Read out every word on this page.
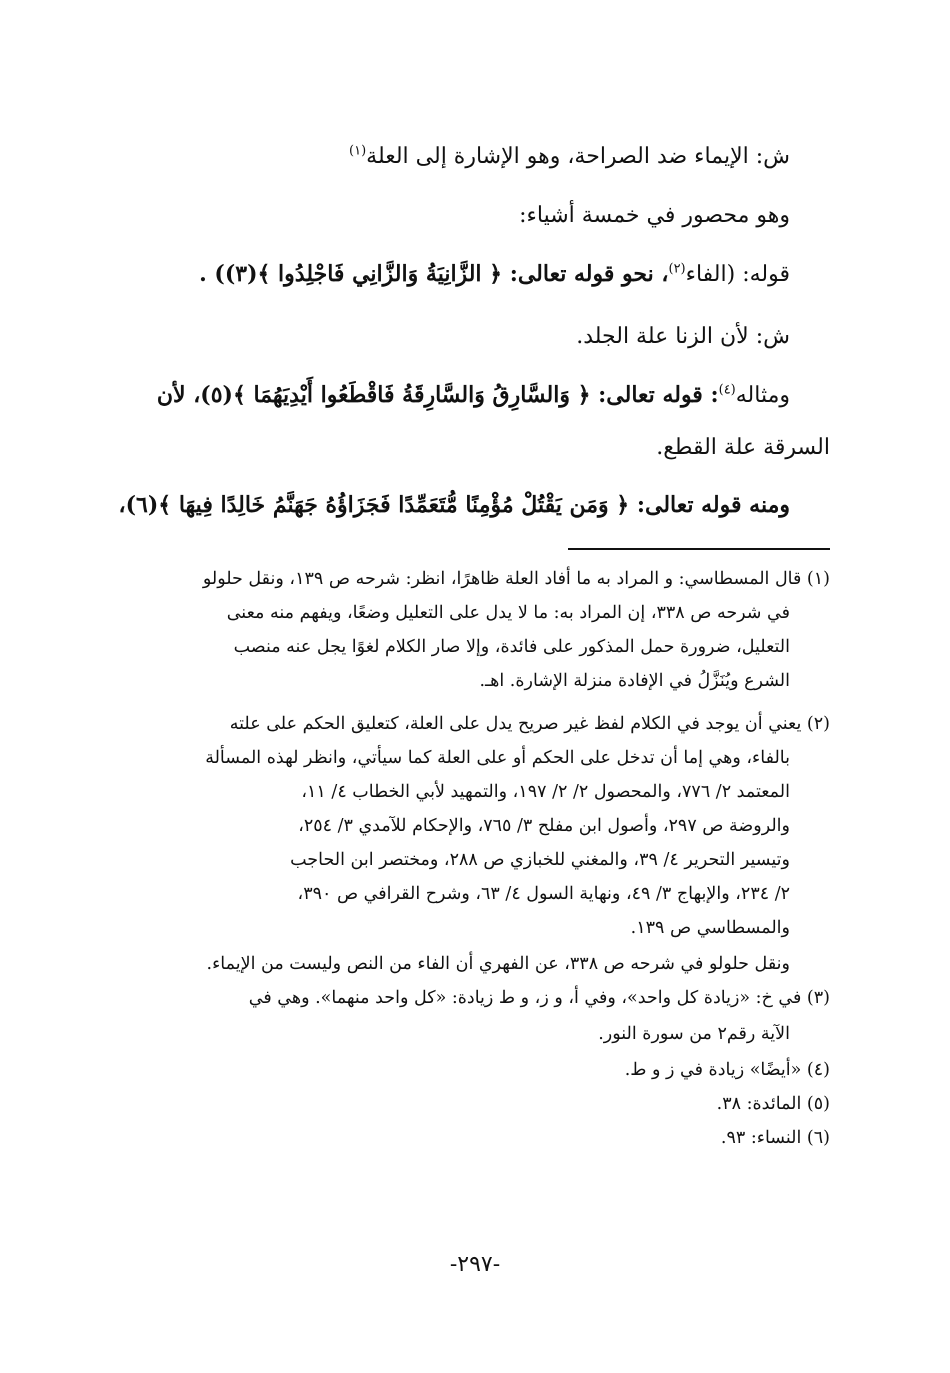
ش: الإيماء ضد الصراحة، وهو الإشارة إلى العلة$^{(١)}$
وهو محصور في خمسة أشياء:
قوله: (الفاء$^{(٢)}$، نحو قوله تعالى: ﴿ الزَّانِيَةُ وَالزَّانِي فَاجْلِدُوا ﴾(٣)) .
ش: لأن الزنا علة الجلد.
ومثاله$^{(٤)}$: قوله تعالى: ﴿ وَالسَّارِقُ وَالسَّارِقَةُ فَاقْطَعُوا أَيْدِيَهُمَا ﴾(٥)، لأن
السرقة علة القطع.
ومنه قوله تعالى: ﴿ وَمَن يَقْتُلْ مُؤْمِنًا مُّتَعَمِّدًا فَجَزَاؤُهُ جَهَنَّمُ خَالِدًا فِيهَا ﴾(٦)،
(١) قال المسطاسي: و المراد به ما أفاد العلة ظاهرًا، انظر: شرحه ص ١٣٩، ونقل حلولو
في شرحه ص ٣٣٨، إن المراد به: ما لا يدل على التعليل وضعًا، ويفهم منه معنى
التعليل، ضرورة حمل المذكور على فائدة، وإلا صار الكلام لغوًا يجل عنه منصب
الشرع ويُنَزَّلُ في الإفادة منزلة الإشارة. اهـ.
(٢) يعني أن يوجد في الكلام لفظ غير صريح يدل على العلة، كتعليق الحكم على علته
بالفاء، وهي إما أن تدخل على الحكم أو على العلة كما سيأتي، وانظر لهذه المسألة
المعتمد ٢/ ٧٧٦، والمحصول ٢/ ٢/ ١٩٧، والتمهيد لأبي الخطاب ٤/ ١١،
والروضة ص ٢٩٧، وأصول ابن مفلح ٣/ ٧٦٥، والإحكام للآمدي ٣/ ٢٥٤،
وتيسير التحرير ٤/ ٣٩، والمغني للخبازي ص ٢٨٨، ومختصر ابن الحاجب
٢/ ٢٣٤، والإبهاج ٣/ ٤٩، ونهاية السول ٤/ ٦٣، وشرح القرافي ص ٣٩٠،
والمسطاسي ص ١٣٩.
ونقل حلولو في شرحه ص ٣٣٨، عن الفهري أن الفاء من النص وليست من الإيماء.
(٣) في خ: «زيادة كل واحد»، وفي أ، و ز، و ط زيادة: «كل واحد منهما». وهي في
الآية رقم٢ من سورة النور.
(٤) «أيضًا» زيادة في ز و ط.
(٥) المائدة: ٣٨.
(٦) النساء: ٩٣.
-٢٩٧-
